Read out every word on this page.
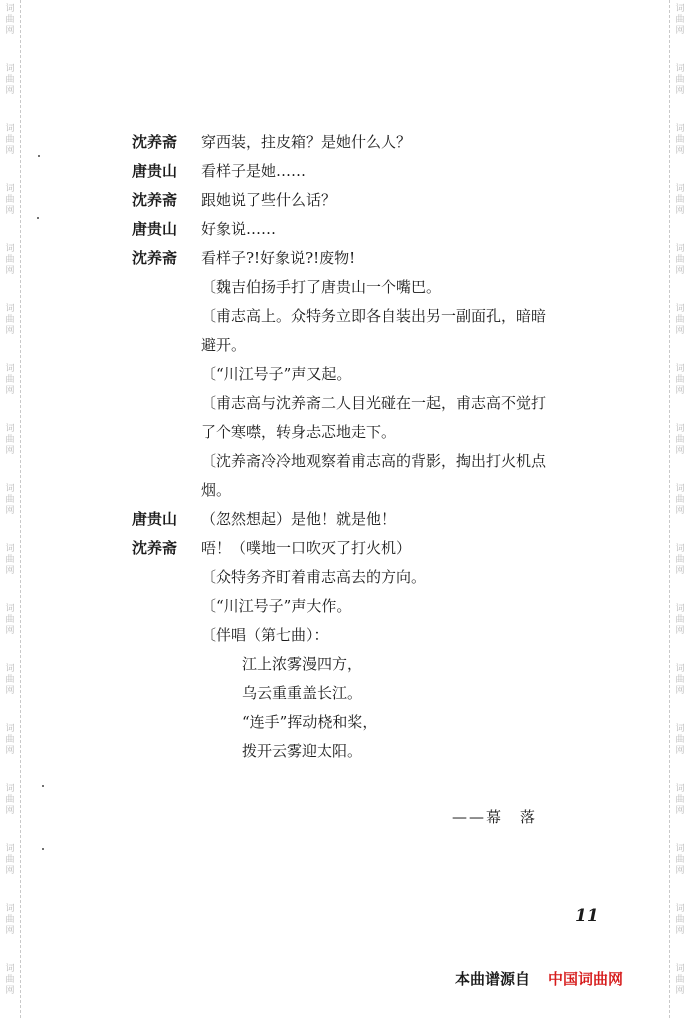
词
曲
网
词
曲
网
词
曲
网
词
曲
网
词
曲
网
词
曲
网
词
曲
网
词
曲
网
词
曲
网
词
曲
网
词
曲
网
词
曲
网
词
曲
网
词
曲
网
词
曲
网
词
曲
网
词
曲
网
词
曲
网
词
曲
网
词
曲
网
词
曲
网
词
曲
网
词
曲
网
词
曲
网
词
曲
网
词
曲
网
词
曲
网
词
曲
网
词
曲
网
词
曲
网
词
曲
网
词
曲
网
词
曲
网
词
曲
网
沈养斋	穿西装，拄皮箱？是她什么人？
唐贵山	看样子是她……
沈养斋	跟她说了些什么话？
唐贵山	好象说……
沈养斋	看样子?!好象说?!废物!
〔魏吉伯扬手打了唐贵山一个嘴巴。
〔甫志高上。众特务立即各自装出另一副面孔，暗暗
避开。
〔“川江号子”声又起。
〔甫志高与沈养斋二人目光碰在一起，甫志高不觉打
了个寒噤，转身忐忑地走下。
〔沈养斋冷冷地观察着甫志高的背影，掏出打火机点
烟。
唐贵山	（忽然想起）是他！就是他！
沈养斋	唔！（噗地一口吹灭了打火机）
〔众特务齐盯着甫志高去的方向。
〔“川江号子”声大作。
〔伴唱（第七曲）：
江上浓雾漫四方，
乌云重重盖长江。
“连手”挥动桡和桨，
拨开云雾迎太阳。
——幕　落
11
本曲谱源自 中国词曲网
